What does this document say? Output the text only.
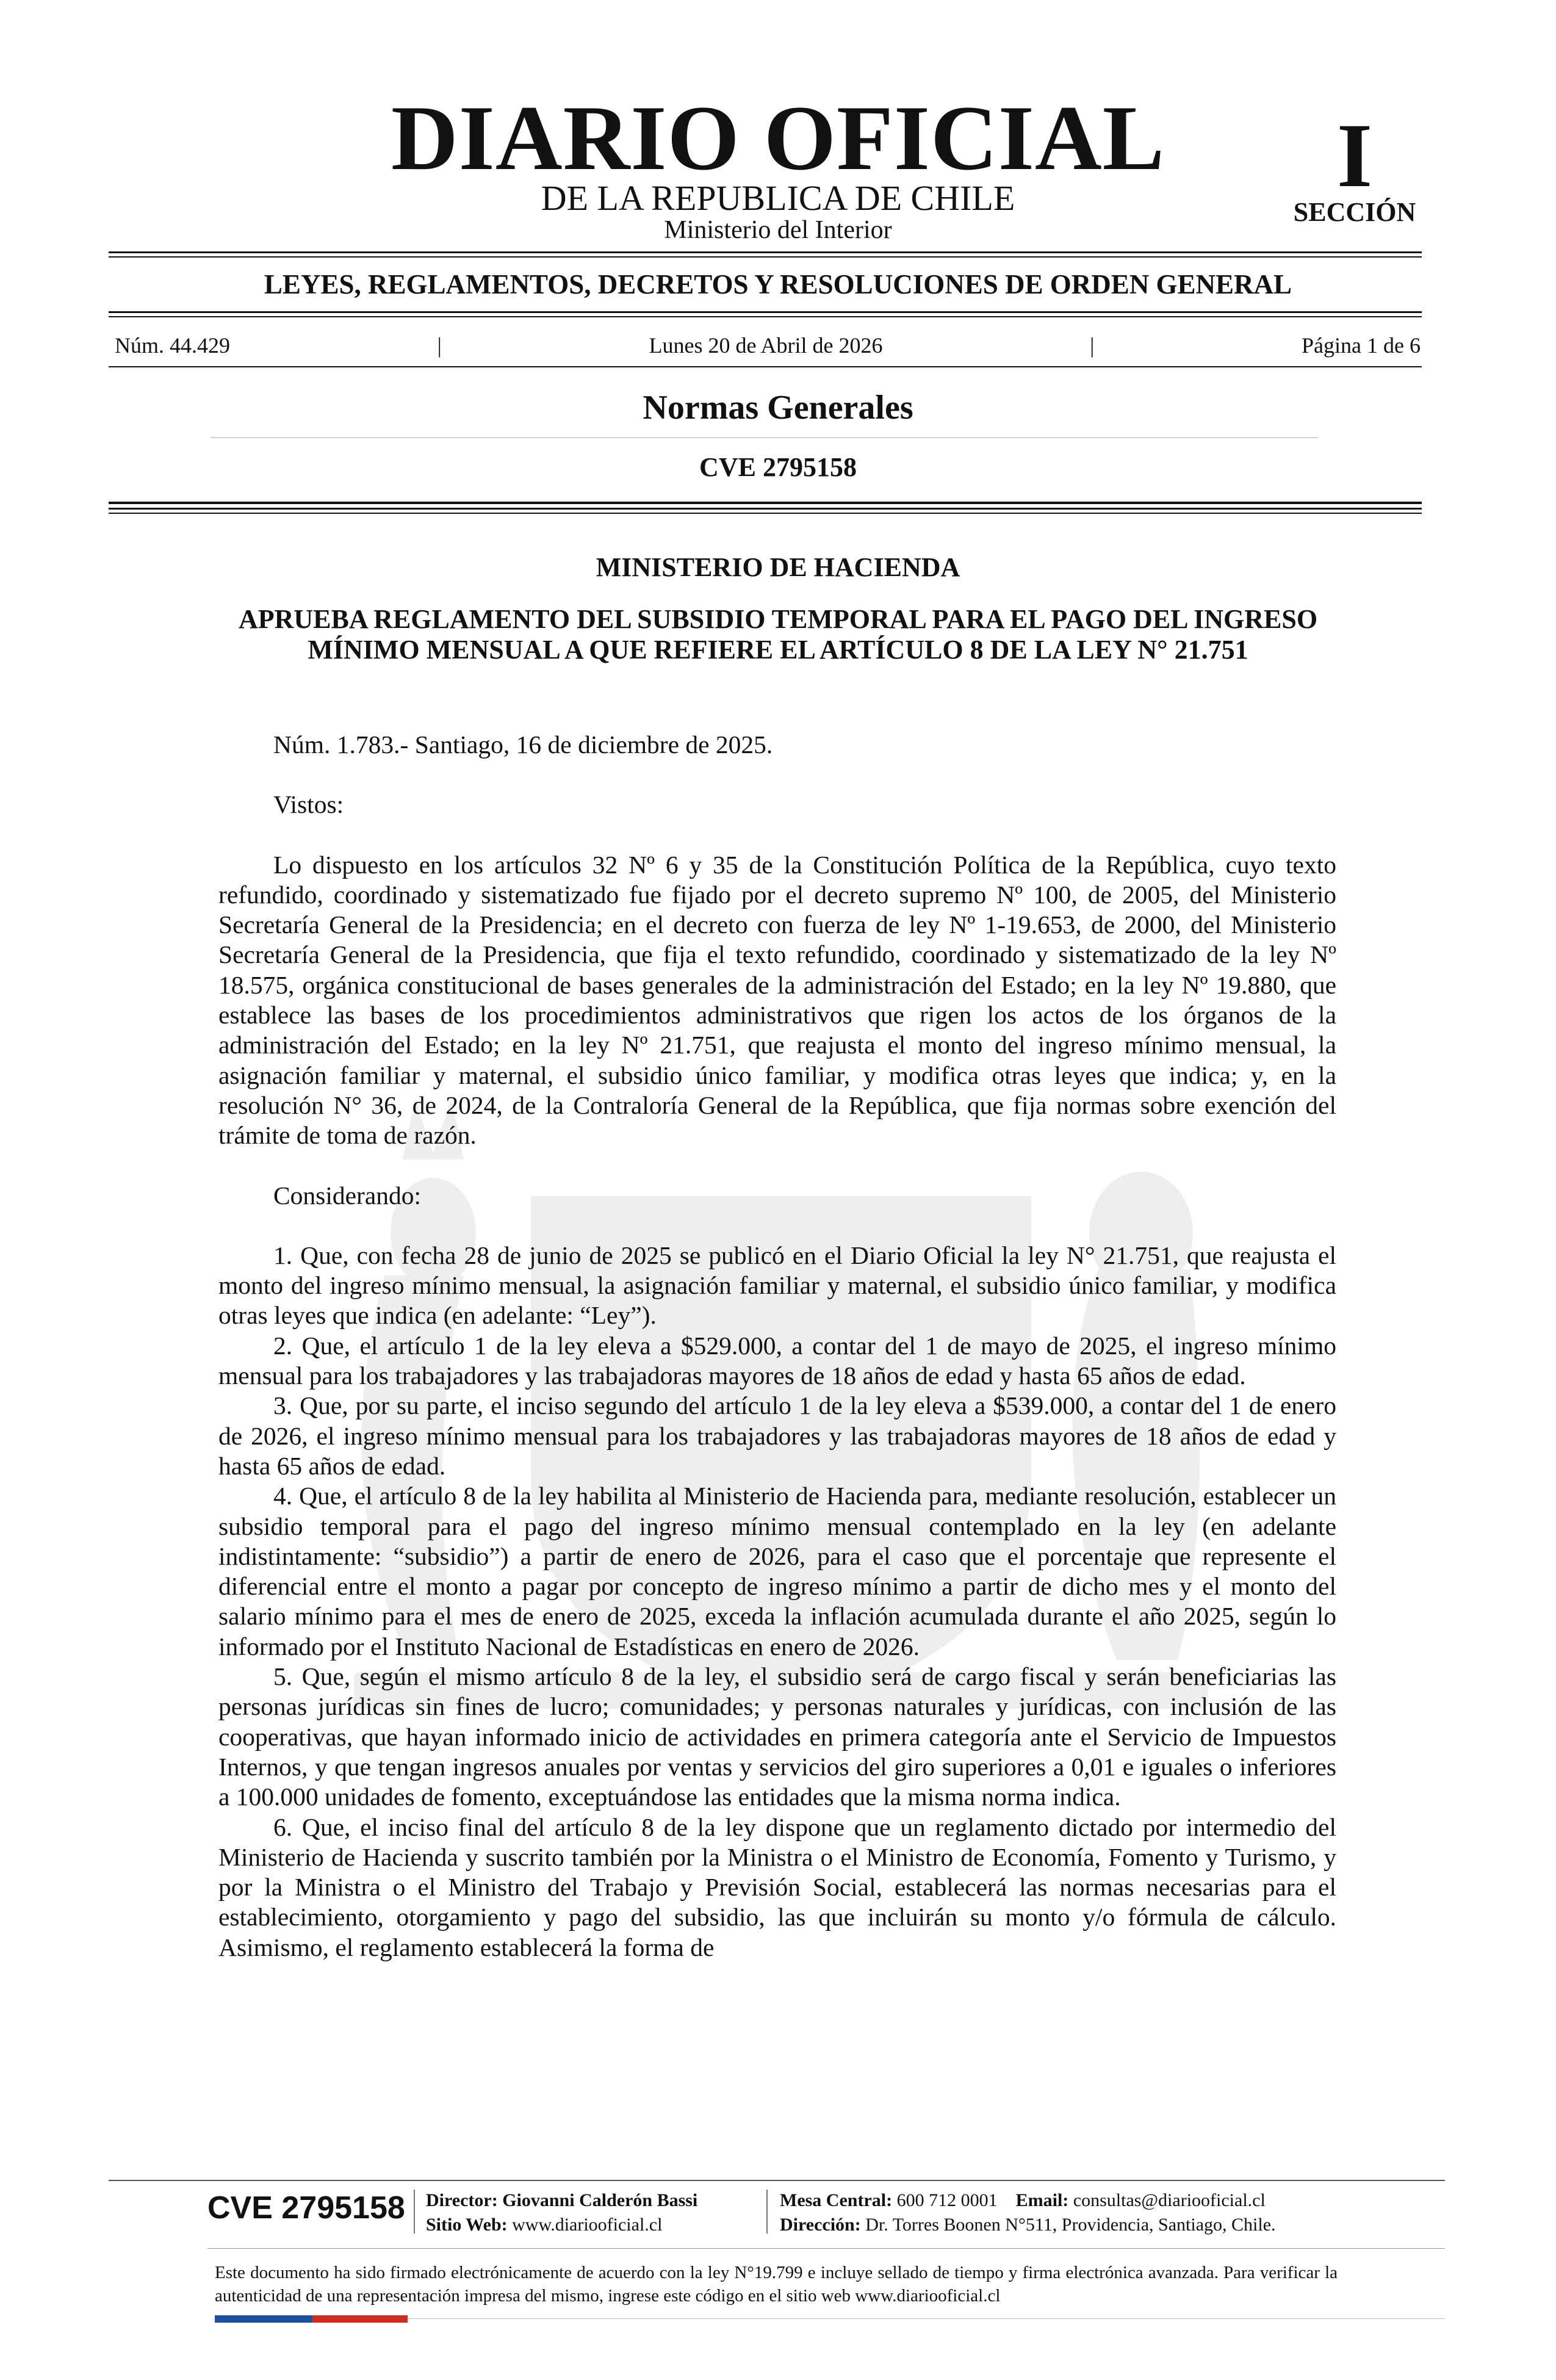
DIARIO OFICIAL
DE LA REPUBLICA DE CHILE
Ministerio del Interior
I
SECCIÓN
LEYES, REGLAMENTOS, DECRETOS Y RESOLUCIONES DE ORDEN GENERAL
Núm. 44.429	|	Lunes 20 de Abril de 2026	|	Página 1 de 6
Normas Generales
CVE 2795158
MINISTERIO DE HACIENDA
APRUEBA REGLAMENTO DEL SUBSIDIO TEMPORAL PARA EL PAGO DEL INGRESO MÍNIMO MENSUAL A QUE REFIERE EL ARTÍCULO 8 DE LA LEY N° 21.751

Núm. 1.783.- Santiago, 16 de diciembre de 2025.

Vistos:

Lo dispuesto en los artículos 32 Nº 6 y 35 de la Constitución Política de la República, cuyo texto refundido, coordinado y sistematizado fue fijado por el decreto supremo Nº 100, de 2005, del Ministerio Secretaría General de la Presidencia; en el decreto con fuerza de ley Nº 1-19.653, de 2000, del Ministerio Secretaría General de la Presidencia, que fija el texto refundido, coordinado y sistematizado de la ley Nº 18.575, orgánica constitucional de bases generales de la administración del Estado; en la ley Nº 19.880, que establece las bases de los procedimientos administrativos que rigen los actos de los órganos de la administración del Estado; en la ley Nº 21.751, que reajusta el monto del ingreso mínimo mensual, la asignación familiar y maternal, el subsidio único familiar, y modifica otras leyes que indica; y, en la resolución N° 36, de 2024, de la Contraloría General de la República, que fija normas sobre exención del trámite de toma de razón.

Considerando:

1. Que, con fecha 28 de junio de 2025 se publicó en el Diario Oficial la ley N° 21.751, que reajusta el monto del ingreso mínimo mensual, la asignación familiar y maternal, el subsidio único familiar, y modifica otras leyes que indica (en adelante: “Ley”).

2. Que, el artículo 1 de la ley eleva a $529.000, a contar del 1 de mayo de 2025, el ingreso mínimo mensual para los trabajadores y las trabajadoras mayores de 18 años de edad y hasta 65 años de edad.

3. Que, por su parte, el inciso segundo del artículo 1 de la ley eleva a $539.000, a contar del 1 de enero de 2026, el ingreso mínimo mensual para los trabajadores y las trabajadoras mayores de 18 años de edad y hasta 65 años de edad.

4. Que, el artículo 8 de la ley habilita al Ministerio de Hacienda para, mediante resolución, establecer un subsidio temporal para el pago del ingreso mínimo mensual contemplado en la ley (en adelante indistintamente: “subsidio”) a partir de enero de 2026, para el caso que el porcentaje que represente el diferencial entre el monto a pagar por concepto de ingreso mínimo a partir de dicho mes y el monto del salario mínimo para el mes de enero de 2025, exceda la inflación acumulada durante el año 2025, según lo informado por el Instituto Nacional de Estadísticas en enero de 2026.

5. Que, según el mismo artículo 8 de la ley, el subsidio será de cargo fiscal y serán beneficiarias las personas jurídicas sin fines de lucro; comunidades; y personas naturales y jurídicas, con inclusión de las cooperativas, que hayan informado inicio de actividades en primera categoría ante el Servicio de Impuestos Internos, y que tengan ingresos anuales por ventas y servicios del giro superiores a 0,01 e iguales o inferiores a 100.000 unidades de fomento, exceptuándose las entidades que la misma norma indica.

6. Que, el inciso final del artículo 8 de la ley dispone que un reglamento dictado por intermedio del Ministerio de Hacienda y suscrito también por la Ministra o el Ministro de Economía, Fomento y Turismo, y por la Ministra o el Ministro del Trabajo y Previsión Social, establecerá las normas necesarias para el establecimiento, otorgamiento y pago del subsidio, las que incluirán su monto y/o fórmula de cálculo. Asimismo, el reglamento establecerá la forma de

CVE 2795158 Director: Giovanni Calderón Bassi
Sitio Web: www.diariooficial.cl
Mesa Central: 600 712 0001 Email: consultas@diariooficial.cl
Dirección: Dr. Torres Boonen N°511, Providencia, Santiago, Chile.
Este documento ha sido firmado electrónicamente de acuerdo con la ley N°19.799 e incluye sellado de tiempo y firma electrónica avanzada. Para verificar la autenticidad de una representación impresa del mismo, ingrese este código en el sitio web www.diariooficial.cl
